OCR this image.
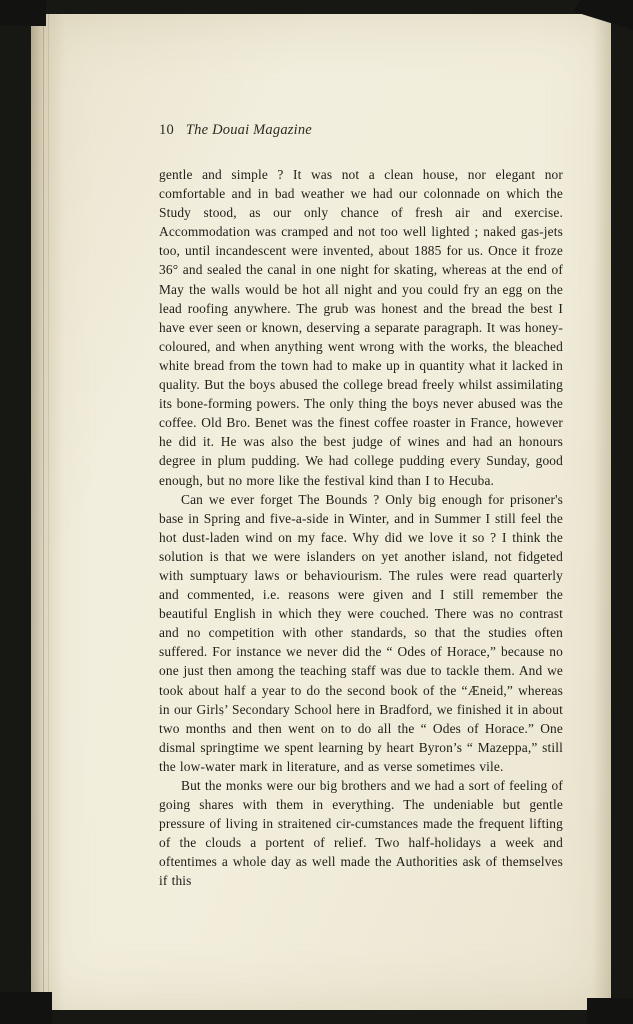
10 The Douai Magazine

gentle and simple ? It was not a clean house, nor elegant nor comfortable and in bad weather we had our colonnade on which the Study stood, as our only chance of fresh air and exercise. Accommodation was cramped and not too well lighted ; naked gas-jets too, until incandescent were invented, about 1885 for us. Once it froze 36° and sealed the canal in one night for skating, whereas at the end of May the walls would be hot all night and you could fry an egg on the lead roofing anywhere. The grub was honest and the bread the best I have ever seen or known, deserving a separate paragraph. It was honey-coloured, and when anything went wrong with the works, the bleached white bread from the town had to make up in quantity what it lacked in quality. But the boys abused the college bread freely whilst assimilating its bone-forming powers. The only thing the boys never abused was the coffee. Old Bro. Benet was the finest coffee roaster in France, however he did it. He was also the best judge of wines and had an honours degree in plum pudding. We had college pudding every Sunday, good enough, but no more like the festival kind than I to Hecuba.

Can we ever forget The Bounds ? Only big enough for prisoner's base in Spring and five-a-side in Winter, and in Summer I still feel the hot dust-laden wind on my face. Why did we love it so ? I think the solution is that we were islanders on yet another island, not fidgeted with sumptuary laws or behaviourism. The rules were read quarterly and commented, i.e. reasons were given and I still remember the beautiful English in which they were couched. There was no contrast and no competition with other standards, so that the studies often suffered. For instance we never did the “ Odes of Horace,” because no one just then among the teaching staff was due to tackle them. And we took about half a year to do the second book of the “Æneid,” whereas in our Girls’ Secondary School here in Bradford, we finished it in about two months and then went on to do all the “ Odes of Horace.” One dismal springtime we spent learning by heart Byron’s “ Mazeppa,” still the low-water mark in literature, and as verse sometimes vile.

But the monks were our big brothers and we had a sort of feeling of going shares with them in everything. The undeniable but gentle pressure of living in straitened cir-cumstances made the frequent lifting of the clouds a portent of relief. Two half-holidays a week and oftentimes a whole day as well made the Authorities ask of themselves if this
